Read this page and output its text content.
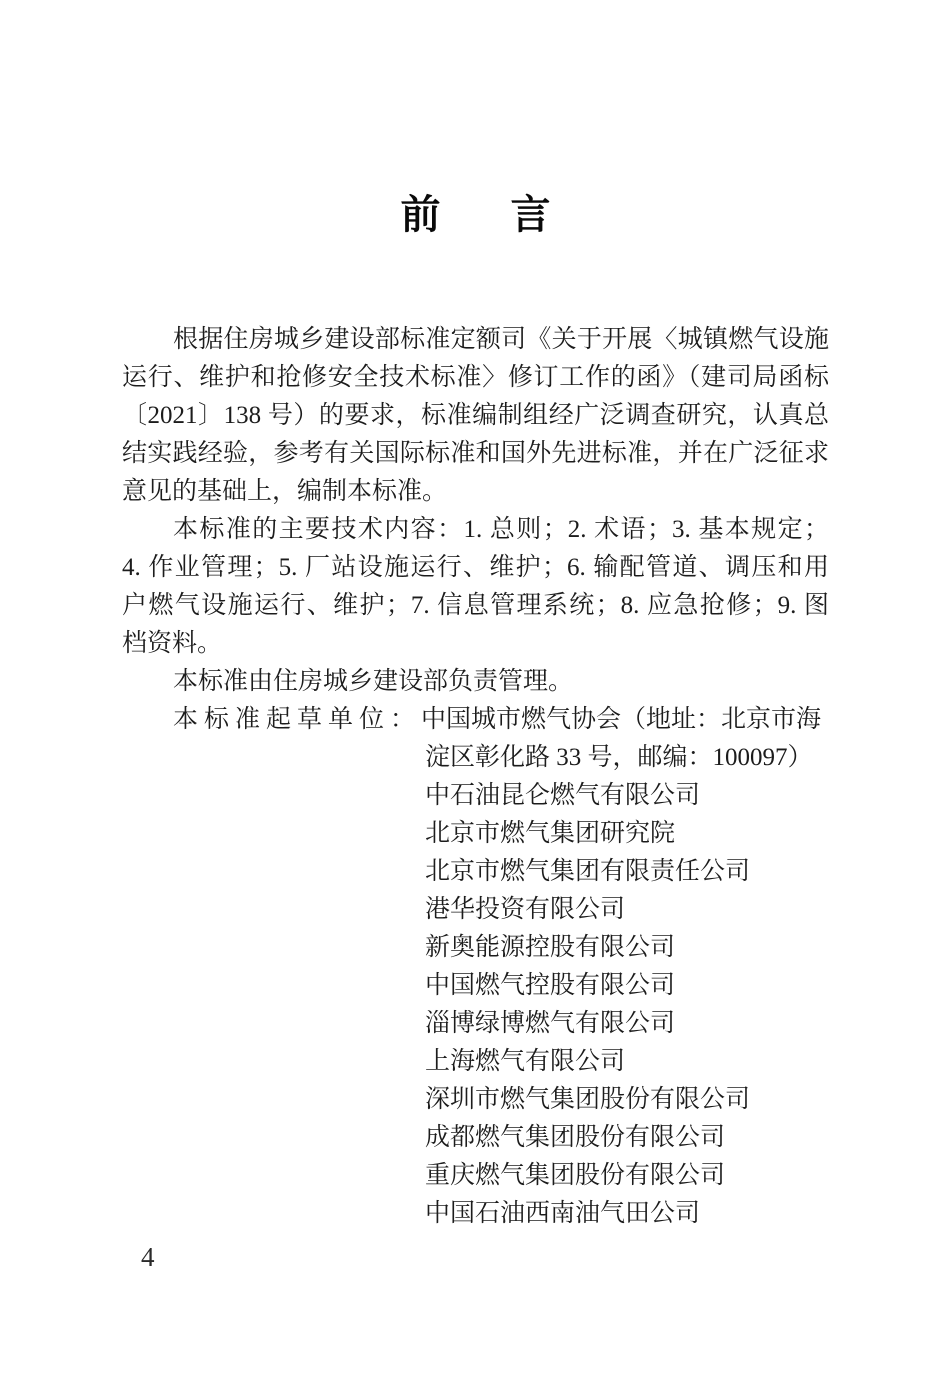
前 言
根据住房城乡建设部标准定额司《关于开展〈城镇燃气设施
运行、维护和抢修安全技术标准〉修订工作的函》（建司局函标
〔2021〕138 号）的要求，标准编制组经广泛调查研究，认真总
结实践经验，参考有关国际标准和国外先进标准，并在广泛征求
意见的基础上，编制本标准。
本标准的主要技术内容：1. 总则；2. 术语；3. 基本规定；
4. 作业管理；5. 厂站设施运行、维护；6. 输配管道、调压和用
户燃气设施运行、维护；7. 信息管理系统；8. 应急抢修；9. 图
档资料。
本标准由住房城乡建设部负责管理。
本标准起草单位：中国城市燃气协会（地址：北京市海
淀区彰化路 33 号，邮编：100097）
中石油昆仑燃气有限公司
北京市燃气集团研究院
北京市燃气集团有限责任公司
港华投资有限公司
新奥能源控股有限公司
中国燃气控股有限公司
淄博绿博燃气有限公司
上海燃气有限公司
深圳市燃气集团股份有限公司
成都燃气集团股份有限公司
重庆燃气集团股份有限公司
中国石油西南油气田公司
4
